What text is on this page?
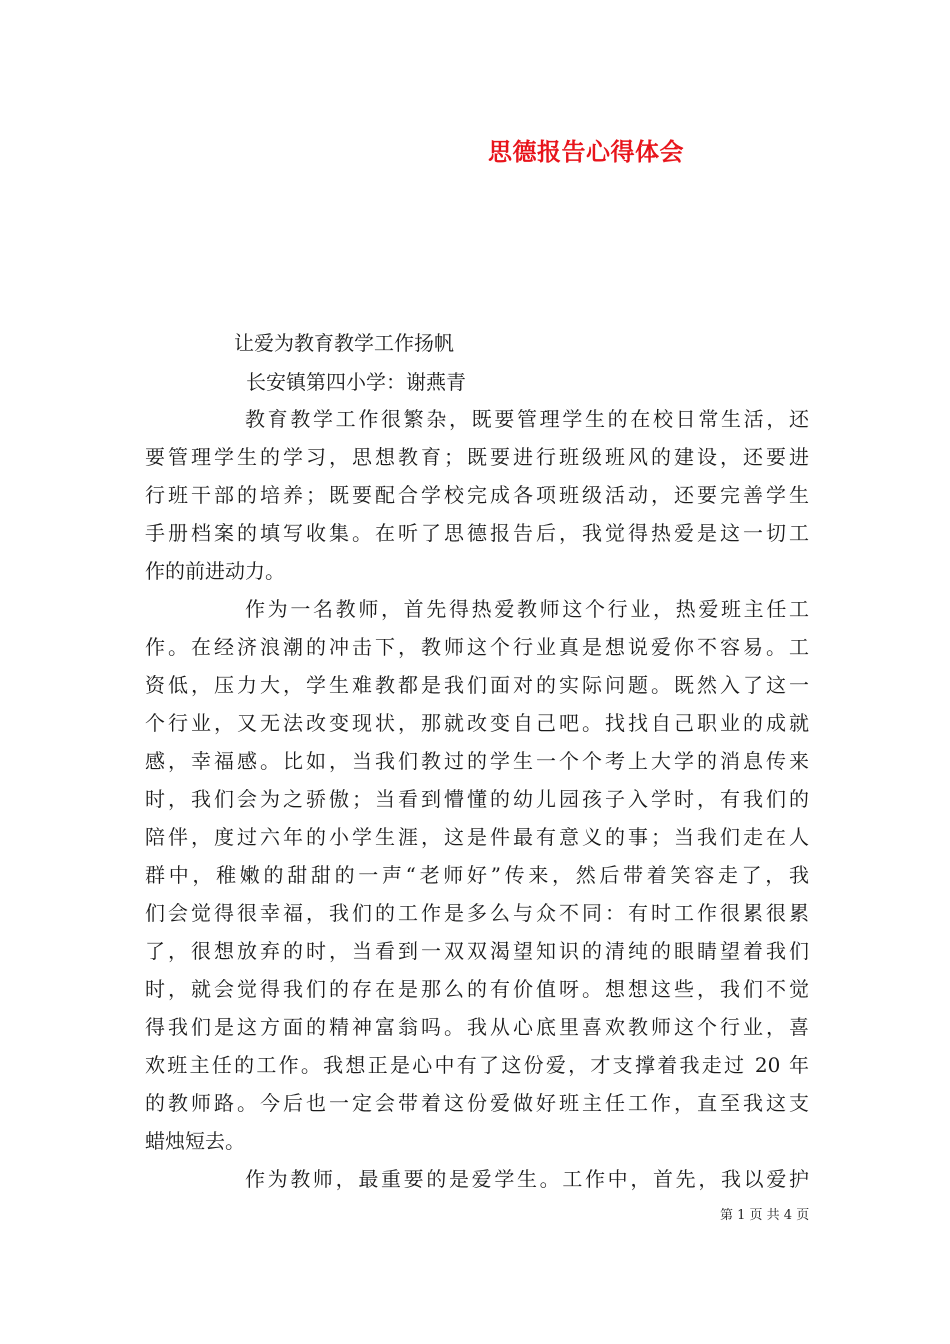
思德报告心得体会
让爱为教育教学工作扬帆
长安镇第四小学：谢燕青
教育教学工作很繁杂，既要管理学生的在校日常生活，还
要管理学生的学习，思想教育；既要进行班级班风的建设，还要进
行班干部的培养；既要配合学校完成各项班级活动，还要完善学生
手册档案的填写收集。在听了思德报告后，我觉得热爱是这一切工
作的前进动力。
作为一名教师，首先得热爱教师这个行业，热爱班主任工
作。在经济浪潮的冲击下，教师这个行业真是想说爱你不容易。工
资低，压力大，学生难教都是我们面对的实际问题。既然入了这一
个行业，又无法改变现状，那就改变自己吧。找找自己职业的成就
感，幸福感。比如，当我们教过的学生一个个考上大学的消息传来
时，我们会为之骄傲；当看到懵懂的幼儿园孩子入学时，有我们的
陪伴，度过六年的小学生涯，这是件最有意义的事；当我们走在人
群中，稚嫩的甜甜的一声“老师好”传来，然后带着笑容走了，我
们会觉得很幸福，我们的工作是多么与众不同：有时工作很累很累
了，很想放弃的时，当看到一双双渴望知识的清纯的眼睛望着我们
时，就会觉得我们的存在是那么的有价值呀。想想这些，我们不觉
得我们是这方面的精神富翁吗。我从心底里喜欢教师这个行业，喜
欢班主任的工作。我想正是心中有了这份爱，才支撑着我走过 20 年
的教师路。今后也一定会带着这份爱做好班主任工作，直至我这支
蜡烛短去。
作为教师，最重要的是爱学生。工作中，首先，我以爱护
第 1 页 共 4 页
